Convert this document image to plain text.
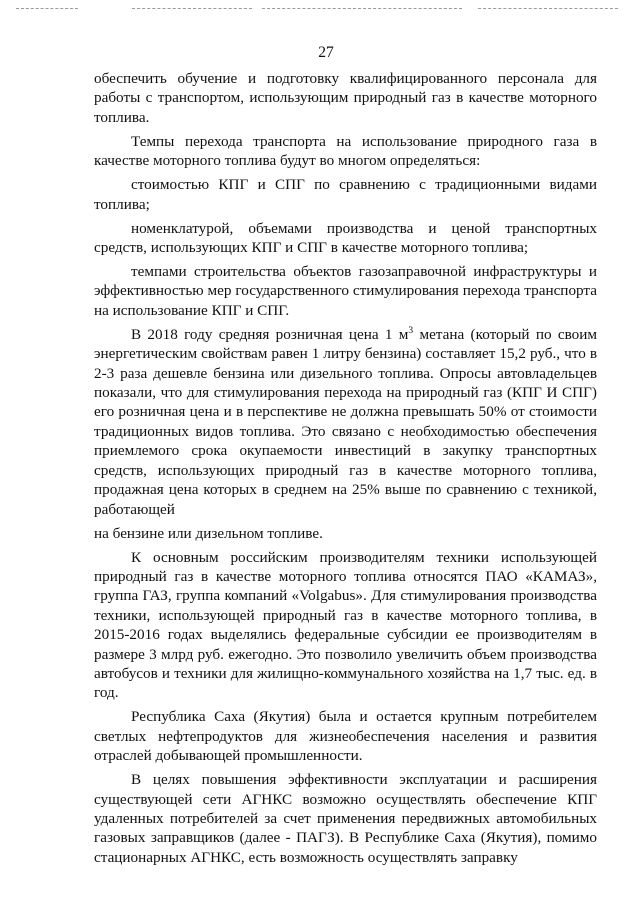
27

обеспечить обучение и подготовку квалифицированного персонала для работы с транспортом, использующим природный газ в качестве моторного топлива.

Темпы перехода транспорта на использование природного газа в качестве моторного топлива будут во многом определяться:

стоимостью КПГ и СПГ по сравнению с традиционными видами топлива;

номенклатурой, объемами производства и ценой транспортных средств, использующих КПГ и СПГ в качестве моторного топлива;

темпами строительства объектов газозаправочной инфраструктуры и эффективностью мер государственного стимулирования перехода транспорта на использование КПГ и СПГ.

В 2018 году средняя розничная цена 1 $м^3$ метана (который по своим энергетическим свойствам равен 1 литру бензина) составляет 15,2 руб., что в 2-3 раза дешевле бензина или дизельного топлива. Опросы автовладельцев показали, что для стимулирования перехода на природный газ (КПГ И СПГ) его розничная цена и в перспективе не должна превышать 50% от стоимости традиционных видов топлива. Это связано с необходимостью обеспечения приемлемого срока окупаемости инвестиций в закупку транспортных средств, использующих природный газ в качестве моторного топлива, продажная цена которых в среднем на 25% выше по сравнению с техникой, работающей

на бензине или дизельном топливе.

К основным российским производителям техники использующей природный газ в качестве моторного топлива относятся ПАО «КАМАЗ», группа ГАЗ, группа компаний «Volgabus». Для стимулирования производства техники, использующей природный газ в качестве моторного топлива, в 2015-2016 годах выделялись федеральные субсидии ее производителям в размере 3 млрд руб. ежегодно. Это позволило увеличить объем производства автобусов и техники для жилищно-коммунального хозяйства на 1,7 тыс. ед. в год.

Республика Саха (Якутия) была и остается крупным потребителем светлых нефтепродуктов для жизнеобеспечения населения и развития отраслей добывающей промышленности.

В целях повышения эффективности эксплуатации и расширения существующей сети АГНКС возможно осуществлять обеспечение КПГ удаленных потребителей за счет применения передвижных автомобильных газовых заправщиков (далее - ПАГЗ). В Республике Саха (Якутия), помимо стационарных АГНКС, есть возможность осуществлять заправку
